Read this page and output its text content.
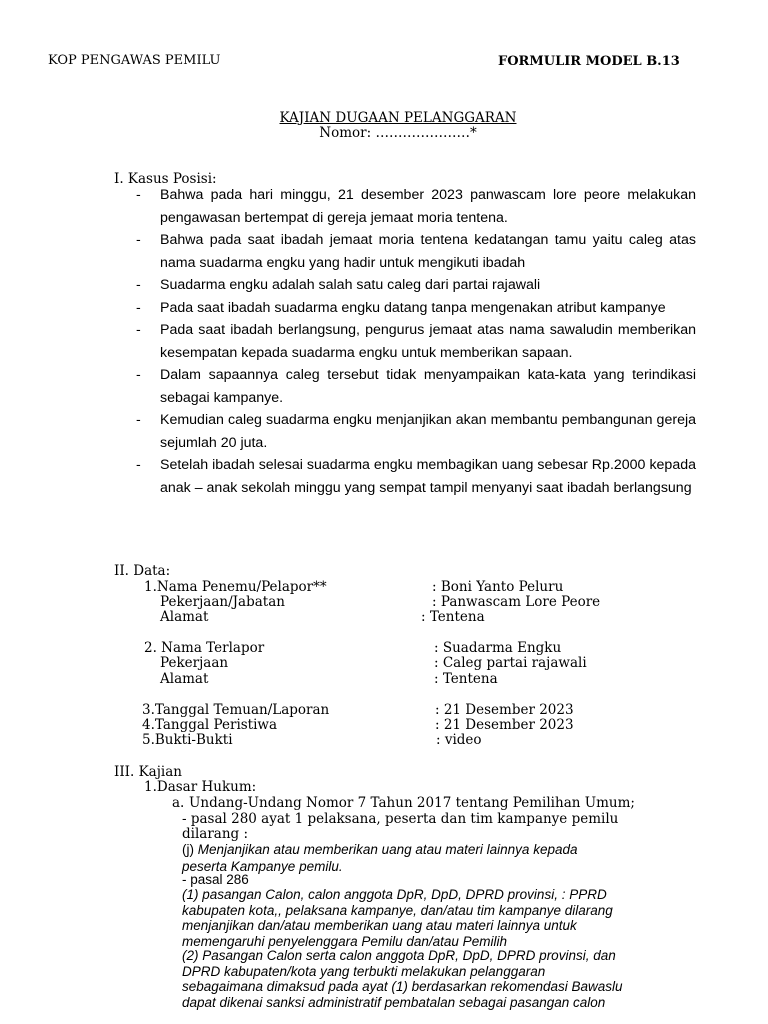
KOP PENGAWAS PEMILU	FORMULIR MODEL B.13
KAJIAN DUGAAN PELANGGARAN
Nomor: …………………*
I. Kasus Posisi:
- Bahwa pada hari minggu, 21 desember 2023 panwascam lore peore melakukan pengawasan bertempat di gereja jemaat moria tentena.
- Bahwa pada saat ibadah jemaat moria tentena kedatangan tamu yaitu caleg atas nama suadarma engku yang hadir untuk mengikuti ibadah
- Suadarma engku adalah salah satu caleg dari partai rajawali
- Pada saat ibadah suadarma engku datang tanpa mengenakan atribut kampanye
- Pada saat ibadah berlangsung, pengurus jemaat atas nama sawaludin memberikan kesempatan kepada suadarma engku untuk memberikan sapaan.
- Dalam sapaannya caleg tersebut tidak menyampaikan kata-kata yang terindikasi sebagai kampanye.
- Kemudian caleg suadarma engku menjanjikan akan membantu pembangunan gereja sejumlah 20 juta.
- Setelah ibadah selesai suadarma engku membagikan uang sebesar Rp.2000 kepada anak – anak sekolah minggu yang sempat tampil menyanyi saat ibadah berlangsung
II. Data:
1.Nama Penemu/Pelapor**	: Boni Yanto Peluru
Pekerjaan/Jabatan	: Panwascam Lore Peore
Alamat	: Tentena
2. Nama Terlapor	: Suadarma Engku
Pekerjaan	: Caleg partai rajawali
Alamat	: Tentena
3.Tanggal Temuan/Laporan	: 21 Desember 2023
4.Tanggal Peristiwa	: 21 Desember 2023
5.Bukti-Bukti	: video
III. Kajian
1.Dasar Hukum:
a. Undang-Undang Nomor 7 Tahun 2017 tentang Pemilihan Umum;
- pasal 280 ayat 1 pelaksana, peserta dan tim kampanye pemilu
dilarang :
(j) Menjanjikan atau memberikan uang atau materi lainnya kepada
peserta Kampanye pemilu.
- pasal 286
(1) pasangan Calon, calon anggota DpR, DpD, DPRD provinsi, : PPRD
kabupaten kota,, pelaksana kampanye, dan/atau tim kampanye dilarang
menjanjikan dan/atau memberikan uang atau materi lainnya untuk
memengaruhi penyelenggara Pemilu dan/atau Pemilih
(2) Pasangan Calon serta calon anggota DpR, DpD, DPRD provinsi, dan
DPRD kabupaten/kota yang terbukti melakukan pelanggaran
sebagaimana dimaksud pada ayat (1) berdasarkan rekomendasi Bawaslu
dapat dikenai sanksi administratif pembatalan sebagai pasangan calon
